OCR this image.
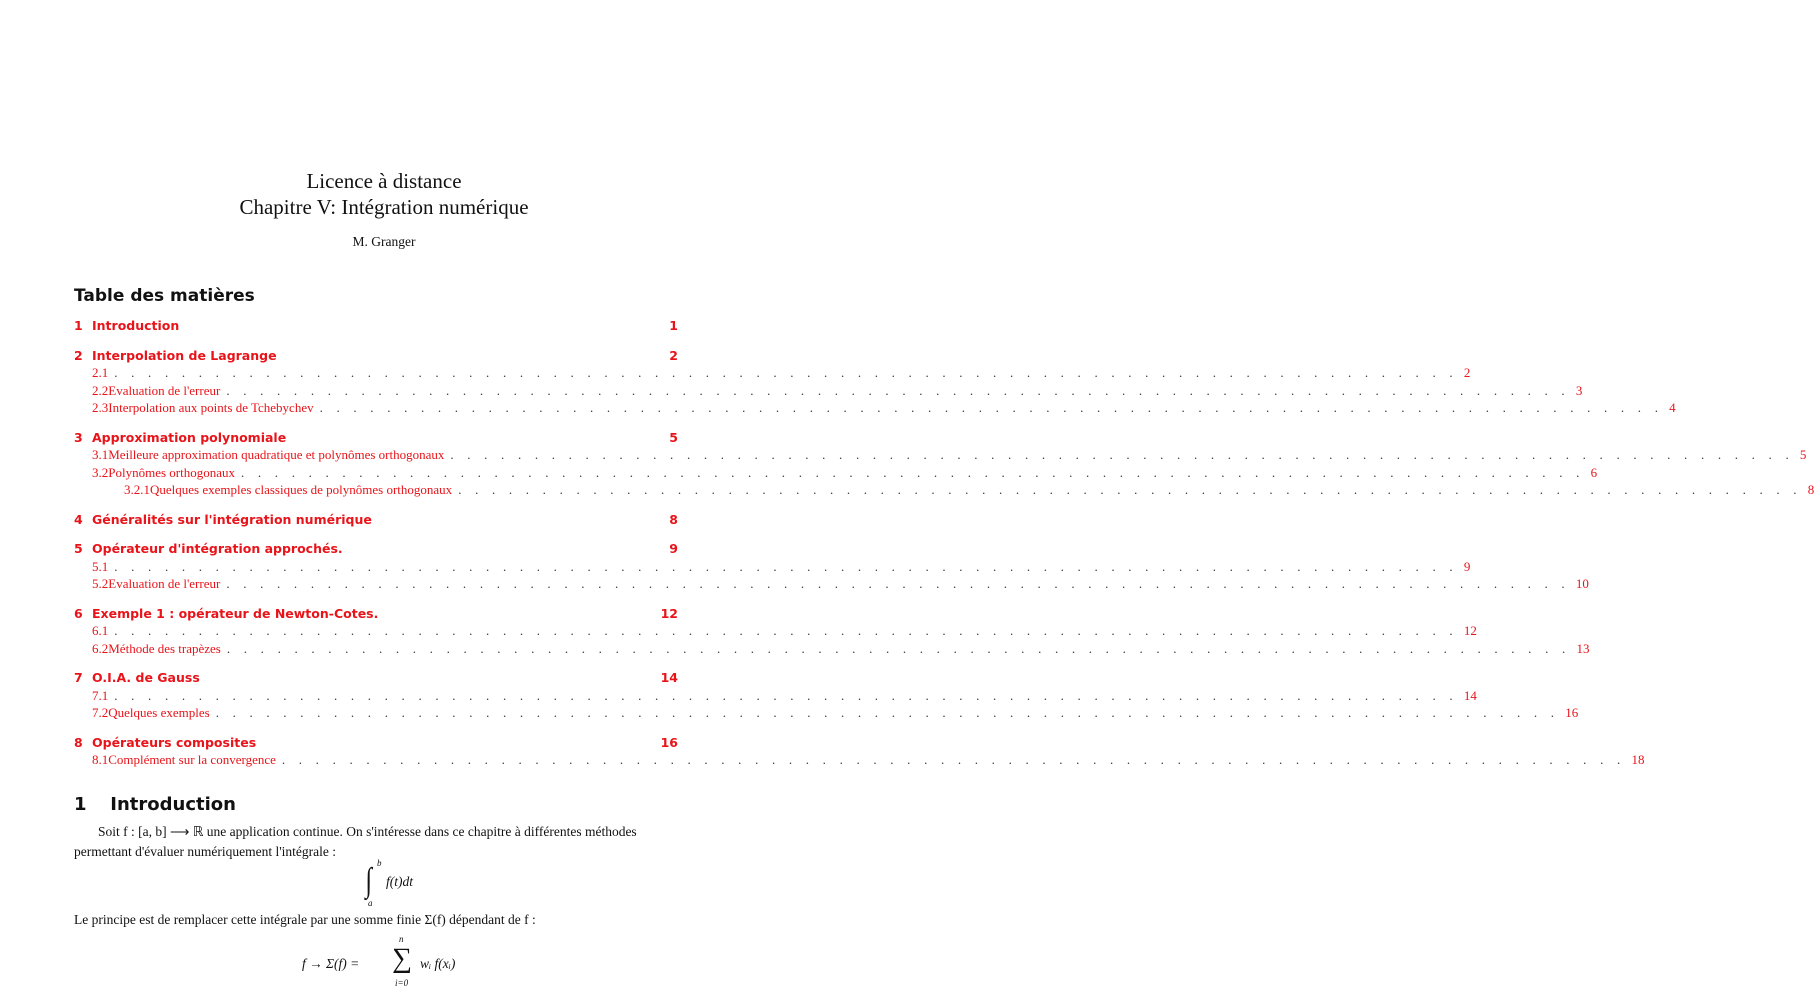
Licence à distance
Chapitre V: Intégration numérique
M. Granger
Table des matières
1 Introduction	1
2 Interpolation de Lagrange	2
2.1 . . . . . . . . . . . . . . . . . . . . . . . . . . . . . . . . . . . . . . . . . . . . . . . . . . . . . . . . . . . . . . . . . . . . . . . . . . . . . . . . 2
2.2 Evaluation de l'erreur . . . . . . . . . . . . . . . . . . . . . . . . . . . . . . . . . . . . . . . . . . . . . . . . . . . . . . . . . . . . . . . . . . . . . . . . . . . . . . . . 3
2.3 Interpolation aux points de Tchebychev . . . . . . . . . . . . . . . . . . . . . . . . . . . . . . . . . . . . . . . . . . . . . . . . . . . . . . . . . . . . . . . . . . . . . . . . . . . . . . . . 4
3 Approximation polynomiale	5
3.1 Meilleure approximation quadratique et polynômes orthogonaux . . . . . . . . . . . . . . . . . . . . . . . . . . . . . . . . . . . . . . . . . . . . . . . . . . . . . . . . . . . . . . . . . . . . . . . . . . . . . . . . 5
3.2 Polynômes orthogonaux . . . . . . . . . . . . . . . . . . . . . . . . . . . . . . . . . . . . . . . . . . . . . . . . . . . . . . . . . . . . . . . . . . . . . . . . . . . . . . . . 6
3.2.1 Quelques exemples classiques de polynômes orthogonaux . . . . . . . . . . . . . . . . . . . . . . . . . . . . . . . . . . . . . . . . . . . . . . . . . . . . . . . . . . . . . . . . . . . . . . . . . . . . . . . . 8
4 Généralités sur l'intégration numérique	8
5 Opérateur d'intégration approchés.	9
5.1 . . . . . . . . . . . . . . . . . . . . . . . . . . . . . . . . . . . . . . . . . . . . . . . . . . . . . . . . . . . . . . . . . . . . . . . . . . . . . . . . 9
5.2 Evaluation de l'erreur . . . . . . . . . . . . . . . . . . . . . . . . . . . . . . . . . . . . . . . . . . . . . . . . . . . . . . . . . . . . . . . . . . . . . . . . . . . . . . . . 10
6 Exemple 1 : opérateur de Newton-Cotes.	12
6.1 . . . . . . . . . . . . . . . . . . . . . . . . . . . . . . . . . . . . . . . . . . . . . . . . . . . . . . . . . . . . . . . . . . . . . . . . . . . . . . . . 12
6.2 Méthode des trapèzes . . . . . . . . . . . . . . . . . . . . . . . . . . . . . . . . . . . . . . . . . . . . . . . . . . . . . . . . . . . . . . . . . . . . . . . . . . . . . . . . 13
7 O.I.A. de Gauss	14
7.1 . . . . . . . . . . . . . . . . . . . . . . . . . . . . . . . . . . . . . . . . . . . . . . . . . . . . . . . . . . . . . . . . . . . . . . . . . . . . . . . . 14
7.2 Quelques exemples . . . . . . . . . . . . . . . . . . . . . . . . . . . . . . . . . . . . . . . . . . . . . . . . . . . . . . . . . . . . . . . . . . . . . . . . . . . . . . . . 16
8 Opérateurs composites	16
8.1 Complément sur la convergence . . . . . . . . . . . . . . . . . . . . . . . . . . . . . . . . . . . . . . . . . . . . . . . . . . . . . . . . . . . . . . . . . . . . . . . . . . . . . . . . 18
1 Introduction
Soit f : [a, b] ⟶ ℝ une application continue. On s'intéresse dans ce chapitre à différentes méthodes permettant d'évaluer numériquement l'intégrale :
∫ b
a
f(t)dt
Le principe est de remplacer cette intégrale par une somme finie Σ(f) dépendant de f :
f → Σ(f) =
n
∑
i=0
wᵢ f(xᵢ)
